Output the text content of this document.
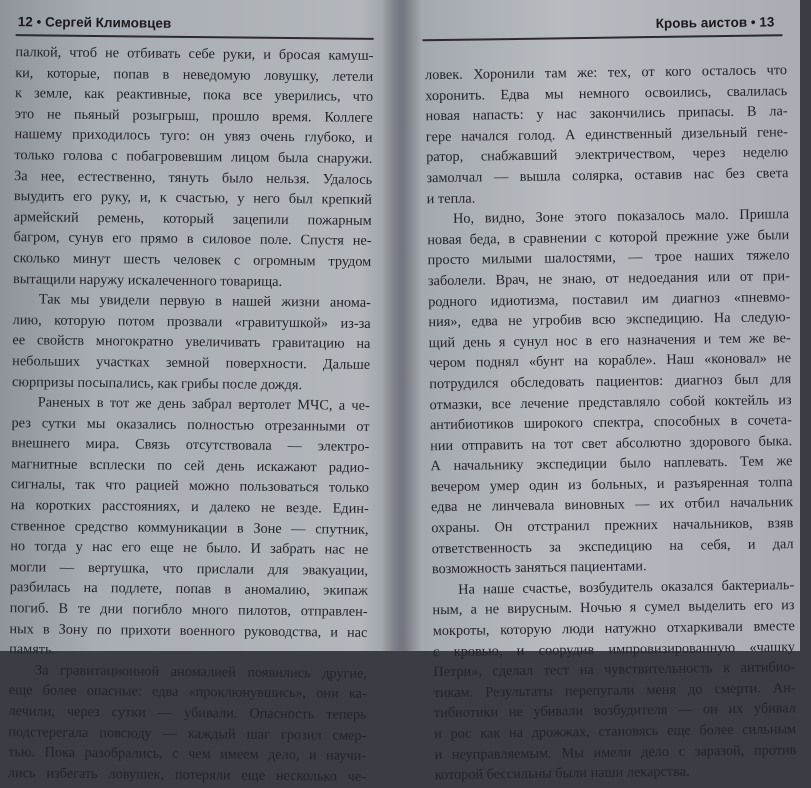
12 • Сергей Климовцев
палкой, чтоб не отбивать себе руки, и бросая камуш-
ки, которые, попав в неведомую ловушку, летели
к земле, как реактивные, пока все уверились, что
это не пьяный розыгрыш, прошло время. Коллеге
нашему приходилось туго: он увяз очень глубоко, и
только голова с побагровевшим лицом была снаружи.
За нее, естественно, тянуть было нельзя. Удалось
выудить его руку, и, к счастью, у него был крепкий
армейский ремень, который зацепили пожарным
багром, сунув его прямо в силовое поле. Спустя не-
сколько минут шесть человек с огромным трудом
вытащили наружу искалеченного товарища.
Так мы увидели первую в нашей жизни анома-
лию, которую потом прозвали «гравитушкой» из-за
ее свойств многократно увеличивать гравитацию на
небольших участках земной поверхности. Дальше
сюрпризы посыпались, как грибы после дождя.
Раненых в тот же день забрал вертолет МЧС, а че-
рез сутки мы оказались полностью отрезанными от
внешнего мира. Связь отсутствовала — электро-
магнитные всплески по сей день искажают радио-
сигналы, так что рацией можно пользоваться только
на коротких расстояниях, и далеко не везде. Един-
ственное средство коммуникации в Зоне — спутник,
но тогда у нас его еще не было. И забрать нас не
могли — вертушка, что прислали для эвакуации,
разбилась на подлете, попав в аномалию, экипаж
погиб. В те дни погибло много пилотов, отправлен-
ных в Зону по прихоти военного руководства, и нас
память.
За гравитационной аномалией появились другие,
еще более опасные: едва «проклюнувшись», они ка-
лечили, через сутки — убивали. Опасность теперь
подстерегала повсюду — каждый шаг грозил смер-
тью. Пока разобрались, с чем имеем дело, и научи-
лись избегать ловушек, потеряли еще несколько че-
Кровь аистов • 13
ловек. Хоронили там же: тех, от кого осталось что
хоронить. Едва мы немного освоились, свалилась
новая напасть: у нас закончились припасы. В ла-
гере начался голод. А единственный дизельный гене-
ратор, снабжавший электричеством, через неделю
замолчал — вышла солярка, оставив нас без света
и тепла.
Но, видно, Зоне этого показалось мало. Пришла
новая беда, в сравнении с которой прежние уже были
просто милыми шалостями, — трое наших тяжело
заболели. Врач, не знаю, от недоедания или от при-
родного идиотизма, поставил им диагноз «пневмо-
ния», едва не угробив всю экспедицию. На следую-
щий день я сунул нос в его назначения и тем же ве-
чером поднял «бунт на корабле». Наш «коновал» не
потрудился обследовать пациентов: диагноз был для
отмазки, все лечение представляло собой коктейль из
антибиотиков широкого спектра, способных в сочета-
нии отправить на тот свет абсолютно здорового быка.
А начальнику экспедиции было наплевать. Тем же
вечером умер один из больных, и разъяренная толпа
едва не линчевала виновных — их отбил начальник
охраны. Он отстранил прежних начальников, взяв
ответственность за экспедицию на себя, и дал
возможность заняться пациентами.
На наше счастье, возбудитель оказался бактериаль-
ным, а не вирусным. Ночью я сумел выделить его из
мокроты, которую люди натужно отхаркивали вместе
с кровью, и соорудив импровизированную «чашку
Петри», сделал тест на чувствительность к антибио-
тикам. Результаты перепугали меня до смерти. Ан-
тибиотики не убивали возбудителя — он их убивал
и рос как на дрожжах, становясь еще более сильным
и неуправляемым. Мы имели дело с заразой, против
которой бессильны были наши лекарства.
